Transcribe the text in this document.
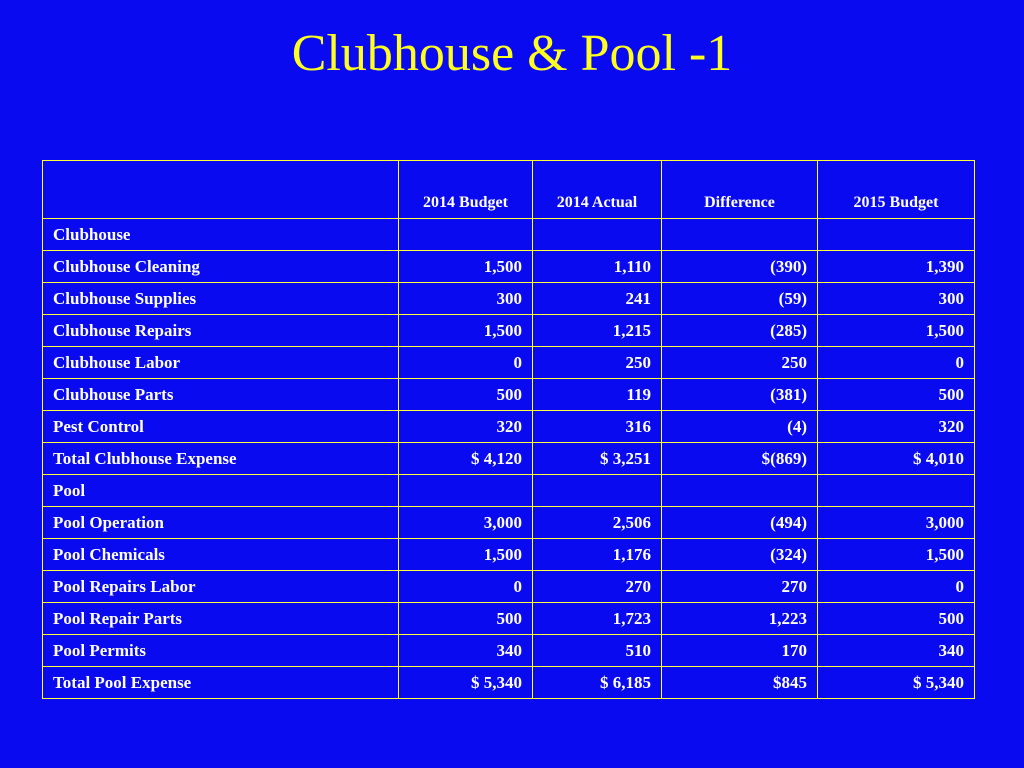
Clubhouse & Pool -1
	2014 Budget	2014 Actual	Difference	2015 Budget
Clubhouse				
Clubhouse Cleaning	1,500	1,110	(390)	1,390
Clubhouse Supplies	300	241	(59)	300
Clubhouse Repairs	1,500	1,215	(285)	1,500
Clubhouse Labor	0	250	250	0
Clubhouse Parts	500	119	(381)	500
Pest Control	320	316	(4)	320
Total Clubhouse Expense	$ 4,120	$ 3,251	$(869)	$ 4,010
Pool				
Pool Operation	3,000	2,506	(494)	3,000
Pool Chemicals	1,500	1,176	(324)	1,500
Pool Repairs Labor	0	270	270	0
Pool Repair Parts	500	1,723	1,223	500
Pool Permits	340	510	170	340
Total Pool Expense	$ 5,340	$ 6,185	$845	$ 5,340
